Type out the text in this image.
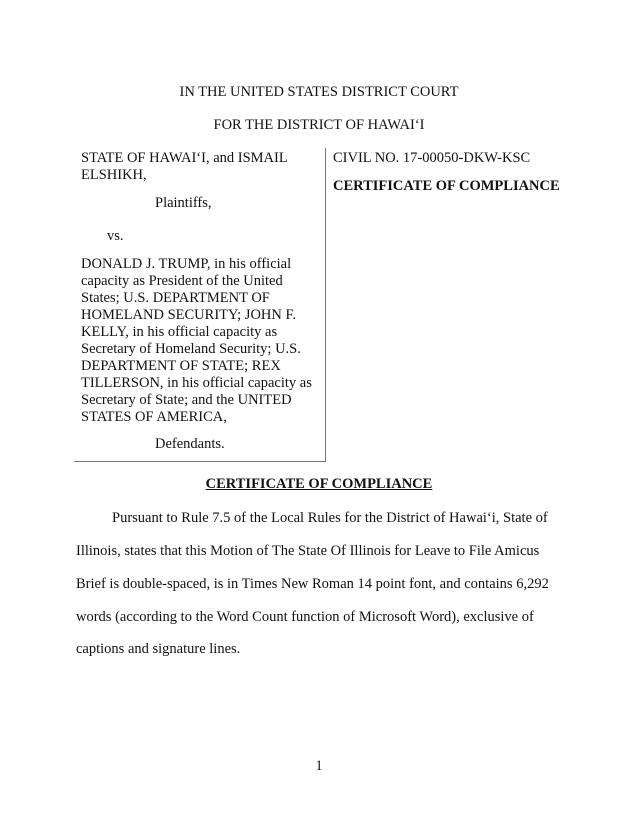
IN THE UNITED STATES DISTRICT COURT
FOR THE DISTRICT OF HAWAI‘I
STATE OF HAWAI‘I, and ISMAIL
ELSHIKH,
Plaintiffs,
vs.
DONALD J. TRUMP, in his official
capacity as President of the United
States; U.S. DEPARTMENT OF
HOMELAND SECURITY; JOHN F.
KELLY, in his official capacity as
Secretary of Homeland Security; U.S.
DEPARTMENT OF STATE; REX
TILLERSON, in his official capacity as
Secretary of State; and the UNITED
STATES OF AMERICA,
Defendants.
CIVIL NO. 17-00050-DKW-KSC
CERTIFICATE OF COMPLIANCE
CERTIFICATE OF COMPLIANCE
Pursuant to Rule 7.5 of the Local Rules for the District of Hawai‘i, State of
Illinois, states that this Motion of The State Of Illinois for Leave to File Amicus
Brief is double-spaced, is in Times New Roman 14 point font, and contains 6,292
words (according to the Word Count function of Microsoft Word), exclusive of
captions and signature lines.
1
